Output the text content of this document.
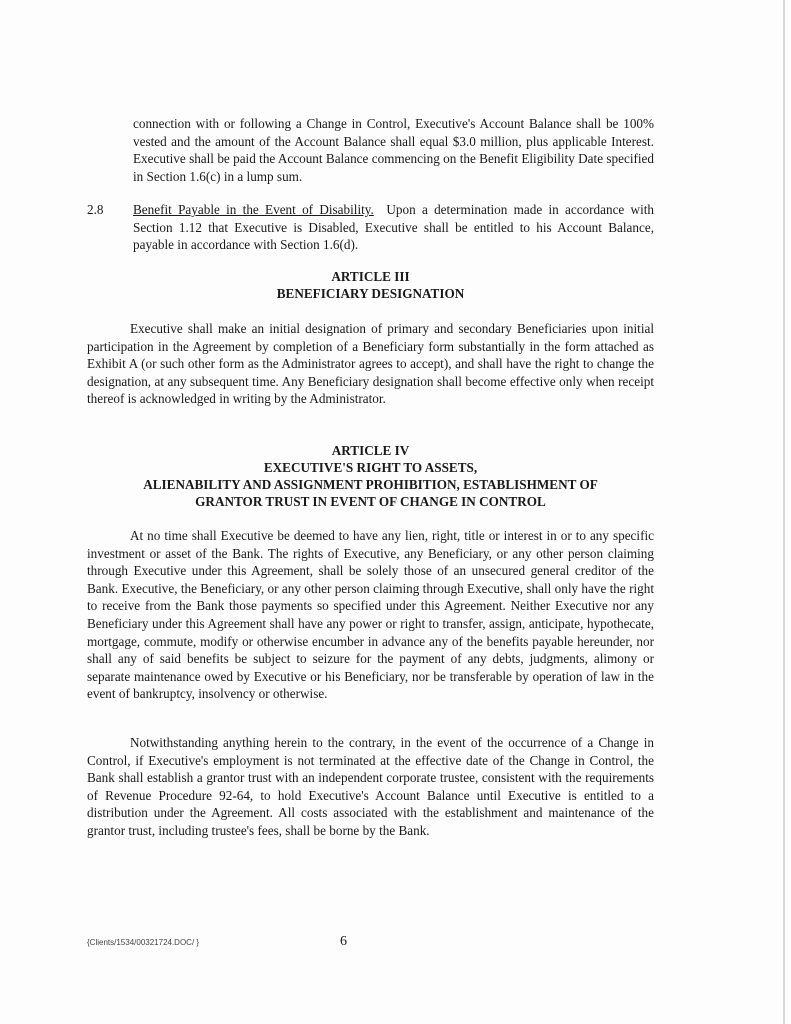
connection with or following a Change in Control, Executive's Account Balance shall be 100% vested and the amount of the Account Balance shall equal $3.0 million, plus applicable Interest. Executive shall be paid the Account Balance commencing on the Benefit Eligibility Date specified in Section 1.6(c) in a lump sum.

2.8 Benefit Payable in the Event of Disability. Upon a determination made in accordance with Section 1.12 that Executive is Disabled, Executive shall be entitled to his Account Balance, payable in accordance with Section 1.6(d).

ARTICLE III
BENEFICIARY DESIGNATION

Executive shall make an initial designation of primary and secondary Beneficiaries upon initial participation in the Agreement by completion of a Beneficiary form substantially in the form attached as Exhibit A (or such other form as the Administrator agrees to accept), and shall have the right to change the designation, at any subsequent time. Any Beneficiary designation shall become effective only when receipt thereof is acknowledged in writing by the Administrator.

ARTICLE IV
EXECUTIVE'S RIGHT TO ASSETS,
ALIENABILITY AND ASSIGNMENT PROHIBITION, ESTABLISHMENT OF
GRANTOR TRUST IN EVENT OF CHANGE IN CONTROL

At no time shall Executive be deemed to have any lien, right, title or interest in or to any specific investment or asset of the Bank. The rights of Executive, any Beneficiary, or any other person claiming through Executive under this Agreement, shall be solely those of an unsecured general creditor of the Bank. Executive, the Beneficiary, or any other person claiming through Executive, shall only have the right to receive from the Bank those payments so specified under this Agreement. Neither Executive nor any Beneficiary under this Agreement shall have any power or right to transfer, assign, anticipate, hypothecate, mortgage, commute, modify or otherwise encumber in advance any of the benefits payable hereunder, nor shall any of said benefits be subject to seizure for the payment of any debts, judgments, alimony or separate maintenance owed by Executive or his Beneficiary, nor be transferable by operation of law in the event of bankruptcy, insolvency or otherwise.

Notwithstanding anything herein to the contrary, in the event of the occurrence of a Change in Control, if Executive's employment is not terminated at the effective date of the Change in Control, the Bank shall establish a grantor trust with an independent corporate trustee, consistent with the requirements of Revenue Procedure 92-64, to hold Executive's Account Balance until Executive is entitled to a distribution under the Agreement. All costs associated with the establishment and maintenance of the grantor trust, including trustee's fees, shall be borne by the Bank.

{Clients/1534/00321724.DOC/ }	6
